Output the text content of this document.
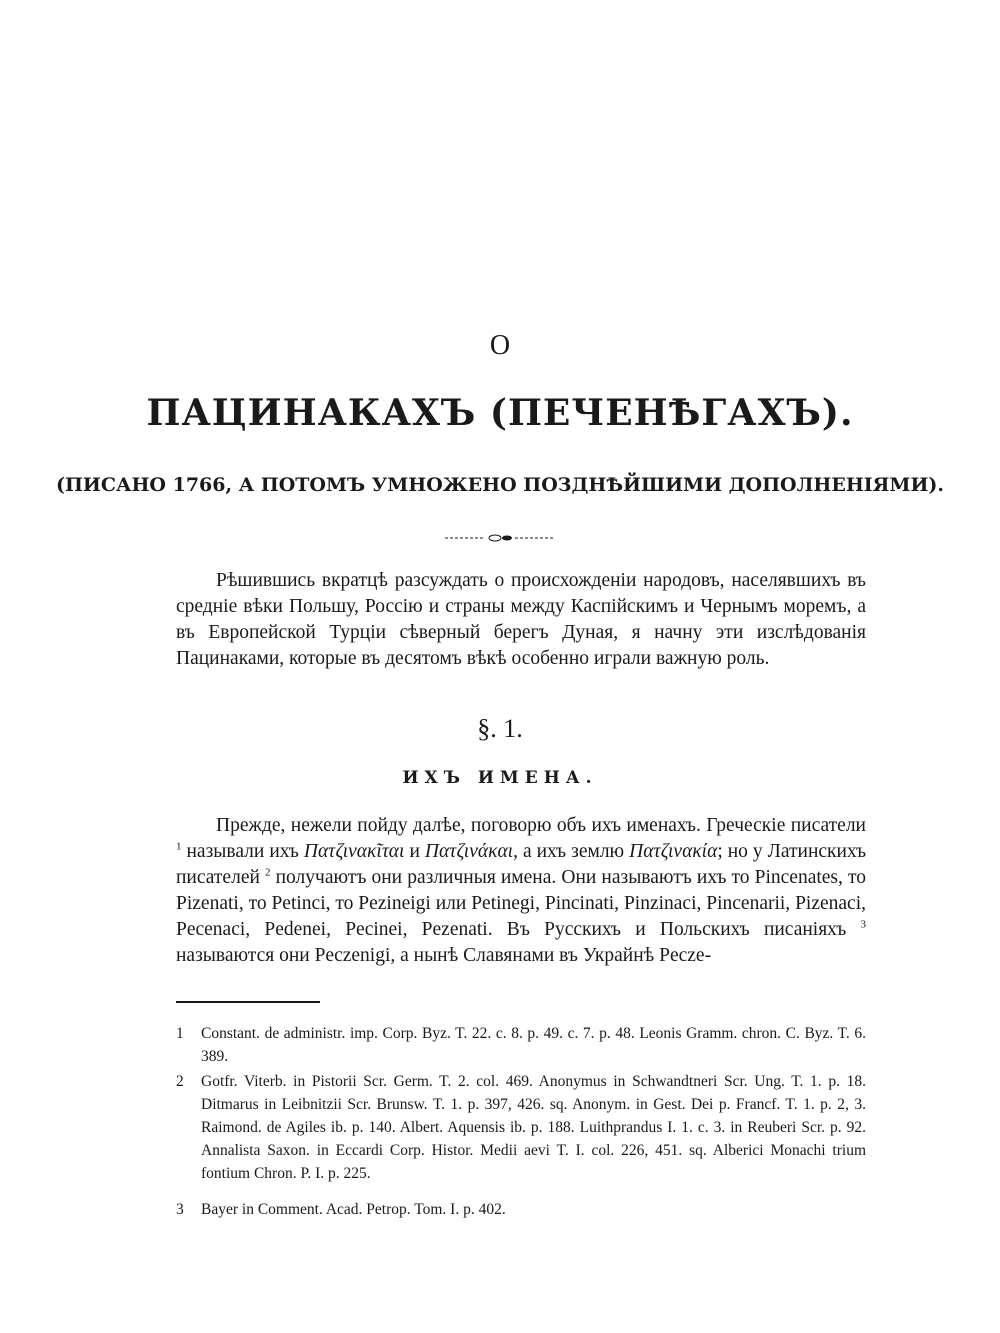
О
ПАЦИНАКАХЪ (ПЕЧЕНѢГАХЪ).
(ПИСАНО 1766, А ПОТОМЪ УМНОЖЕНО ПОЗДНѢЙШИМИ ДОПОЛНЕНІЯМИ).
Рѣшившись вкратцѣ разсуждать о происхожденіи народовъ, населявшихъ въ средніе вѣки Польшу, Россію и страны между Каспійскимъ и Чернымъ моремъ, а въ Европейской Турціи сѣверный берегъ Дуная, я начну эти изслѣдованія Пацинаками, которые въ десятомъ вѣкѣ особенно играли важную роль.
§. 1.
ИХЪ ИМЕНА.
Прежде, нежели пойду далѣе, поговорю объ ихъ именахъ. Греческіе писатели $^1$ называли ихъ Πατζινακῖται и Πατζινάκαι, а ихъ землю Πατζινακία; но у Латинскихъ писателей $^2$ получаютъ они различныя имена. Они называютъ ихъ то Pincenates, то Pizenati, то Petinci, то Pezineigi или Petinegi, Pincinati, Pinzinaci, Pincenarii, Pizenaci, Pecenaci, Pedenei, Pecinei, Pezenati. Въ Русскихъ и Польскихъ писаніяхъ $^3$ называются они Peczenigi, а нынѣ Славянами въ Украйнѣ Pecze-
1 Constant. de administr. imp. Corp. Byz. T. 22. c. 8. p. 49. c. 7. p. 48. Leonis Gramm. chron. C. Byz. T. 6. 389.
2 Gotfr. Viterb. in Pistorii Scr. Germ. T. 2. col. 469. Anonymus in Schwandtneri Scr. Ung. T. 1. p. 18. Ditmarus in Leibnitzii Scr. Brunsw. T. 1. p. 397, 426. sq. Anonym. in Gest. Dei p. Francf. T. 1. p. 2, 3. Raimond. de Agiles ib. p. 140. Albert. Aquensis ib. p. 188. Luithprandus I. 1. c. 3. in Reuberi Scr. p. 92. Annalista Saxon. in Eccardi Corp. Histor. Medii aevi T. I. col. 226, 451. sq. Alberici Monachi trium fontium Chron. P. I. p. 225.
3 Bayer in Comment. Acad. Petrop. Tom. I. p. 402.
